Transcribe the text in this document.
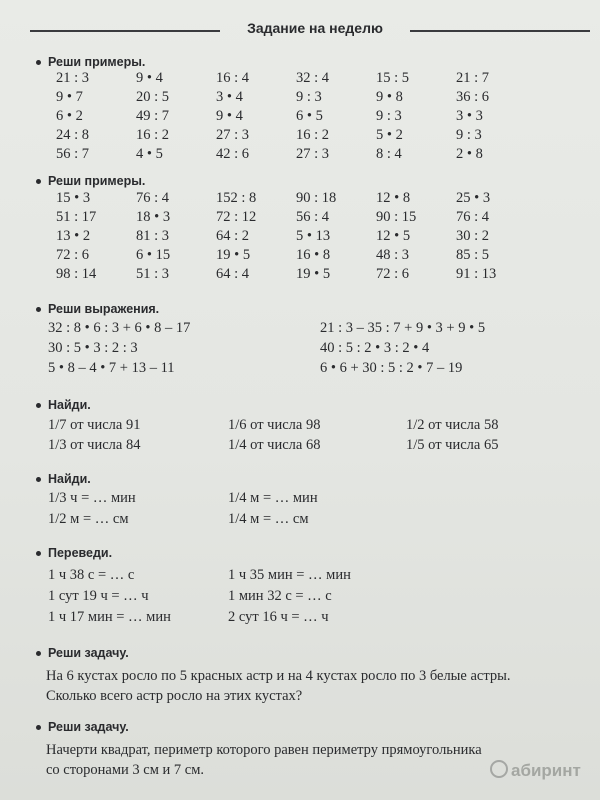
Задание на неделю
Реши примеры.
21 : 3	9 • 4	16 : 4	32 : 4	15 : 5	21 : 7
9 • 7	20 : 5	3 • 4	9 : 3	9 • 8	36 : 6
6 • 2	49 : 7	9 • 4	6 • 5	9 : 3	3 • 3
24 : 8	16 : 2	27 : 3	16 : 2	5 • 2	9 : 3
56 : 7	4 • 5	42 : 6	27 : 3	8 : 4	2 • 8
Реши примеры.
15 • 3	76 : 4	152 : 8	90 : 18	12 • 8	25 • 3
51 : 17	18 • 3	72 : 12	56 : 4	90 : 15	76 : 4
13 • 2	81 : 3	64 : 2	5 • 13	12 • 5	30 : 2
72 : 6	6 • 15	19 • 5	16 • 8	48 : 3	85 : 5
98 : 14	51 : 3	64 : 4	19 • 5	72 : 6	91 : 13
Реши выражения.
32 : 8 • 6 : 3 + 6 • 8 – 17	21 : 3 – 35 : 7 + 9 • 3 + 9 • 5
30 : 5 • 3 : 2 : 3	40 : 5 : 2 • 3 : 2 • 4
5 • 8 – 4 • 7 + 13 – 11	6 • 6 + 30 : 5 : 2 • 7 – 19
Найди.
1/7 от числа 91	1/6 от числа 98	1/2 от числа 58
1/3 от числа 84	1/4 от числа 68	1/5 от числа 65
Найди.
1/3 ч = … мин	1/4 м = … мин
1/2 м = … см	1/4 м = … см
Переведи.
1 ч 38 с = … с	1 ч 35 мин = … мин
1 сут 19 ч = … ч	1 мин 32 с = … с
1 ч 17 мин = … мин	2 сут 16 ч = … ч
Реши задачу.
На 6 кустах росло по 5 красных астр и на 4 кустах росло по 3 белые астры.
Сколько всего астр росло на этих кустах?
Реши задачу.
Начерти квадрат, периметр которого равен периметру прямоугольника
со сторонами 3 см и 7 см.	абиринт
